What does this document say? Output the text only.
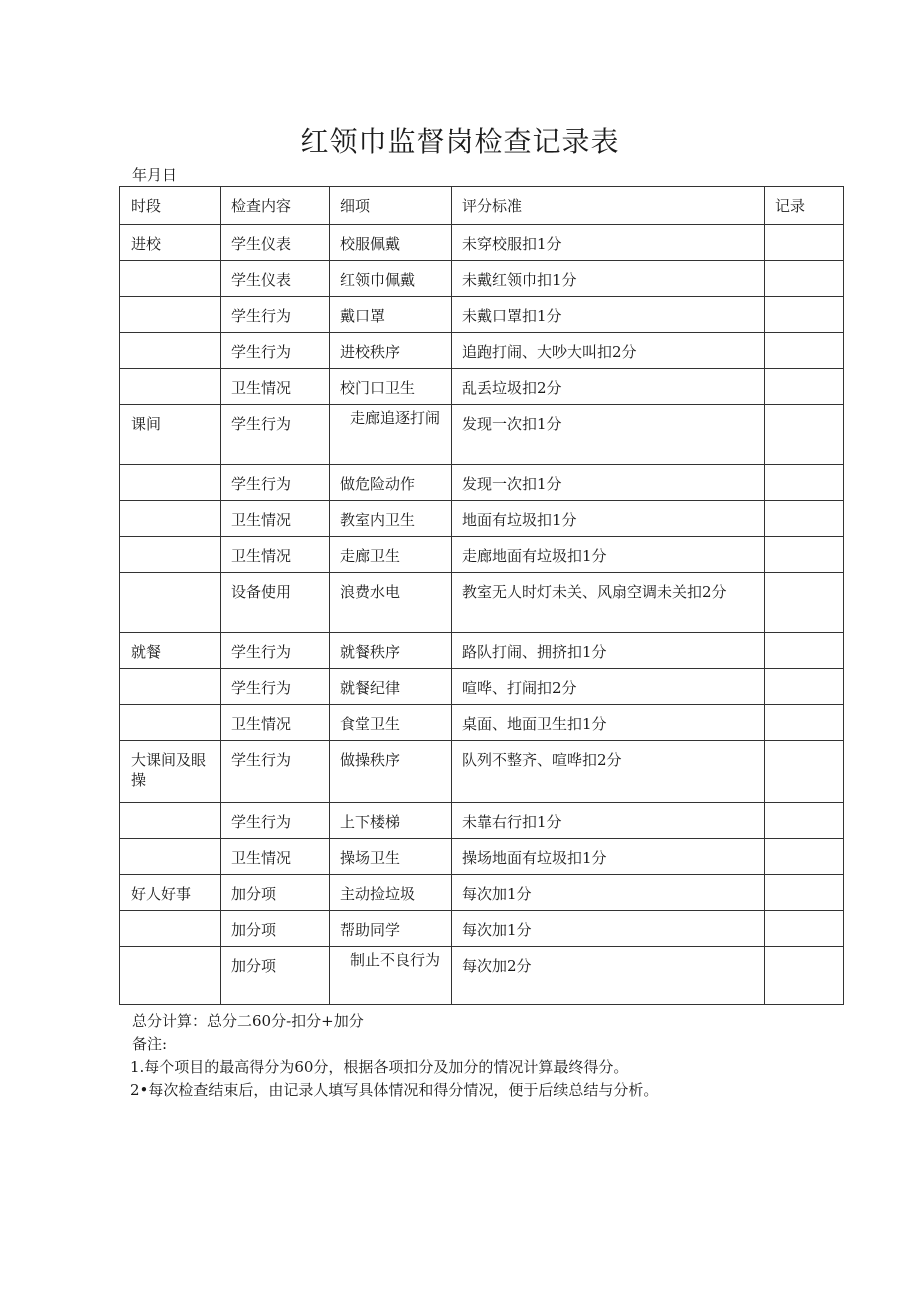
红领巾监督岗检查记录表
年月日
时段	检查内容	细项	评分标准	记录

进校	学生仪表	校服佩戴	未穿校服扣1分	

	学生仪表	红领巾佩戴	未戴红领巾扣1分	

	学生行为	戴口罩	未戴口罩扣1分	

	学生行为	进校秩序	追跑打闹、大吵大叫扣2分	

	卫生情况	校门口卫生	乱丢垃圾扣2分	

课间	学生行为	走廊追逐打闹	发现一次扣1分	

	学生行为	做危险动作	发现一次扣1分	

	卫生情况	教室内卫生	地面有垃圾扣1分	

	卫生情况	走廊卫生	走廊地面有垃圾扣1分	

	设备使用	浪费水电	教室无人时灯未关、风扇空调未关扣2分	

就餐	学生行为	就餐秩序	路队打闹、拥挤扣1分	

	学生行为	就餐纪律	喧哗、打闹扣2分	

	卫生情况	食堂卫生	桌面、地面卫生扣1分	

大课间及眼操	学生行为	做操秩序	队列不整齐、喧哗扣2分	

	学生行为	上下楼梯	未靠右行扣1分	

	卫生情况	操场卫生	操场地面有垃圾扣1分	

好人好事	加分项	主动捡垃圾	每次加1分	

	加分项	帮助同学	每次加1分	

	加分项	制止不良行为	每次加2分	

总分计算：总分二60分-扣分+加分
备注:
1.每个项目的最高得分为60分，根据各项扣分及加分的情况计算最终得分。
2•每次检查结束后，由记录人填写具体情况和得分情况，便于后续总结与分析。
